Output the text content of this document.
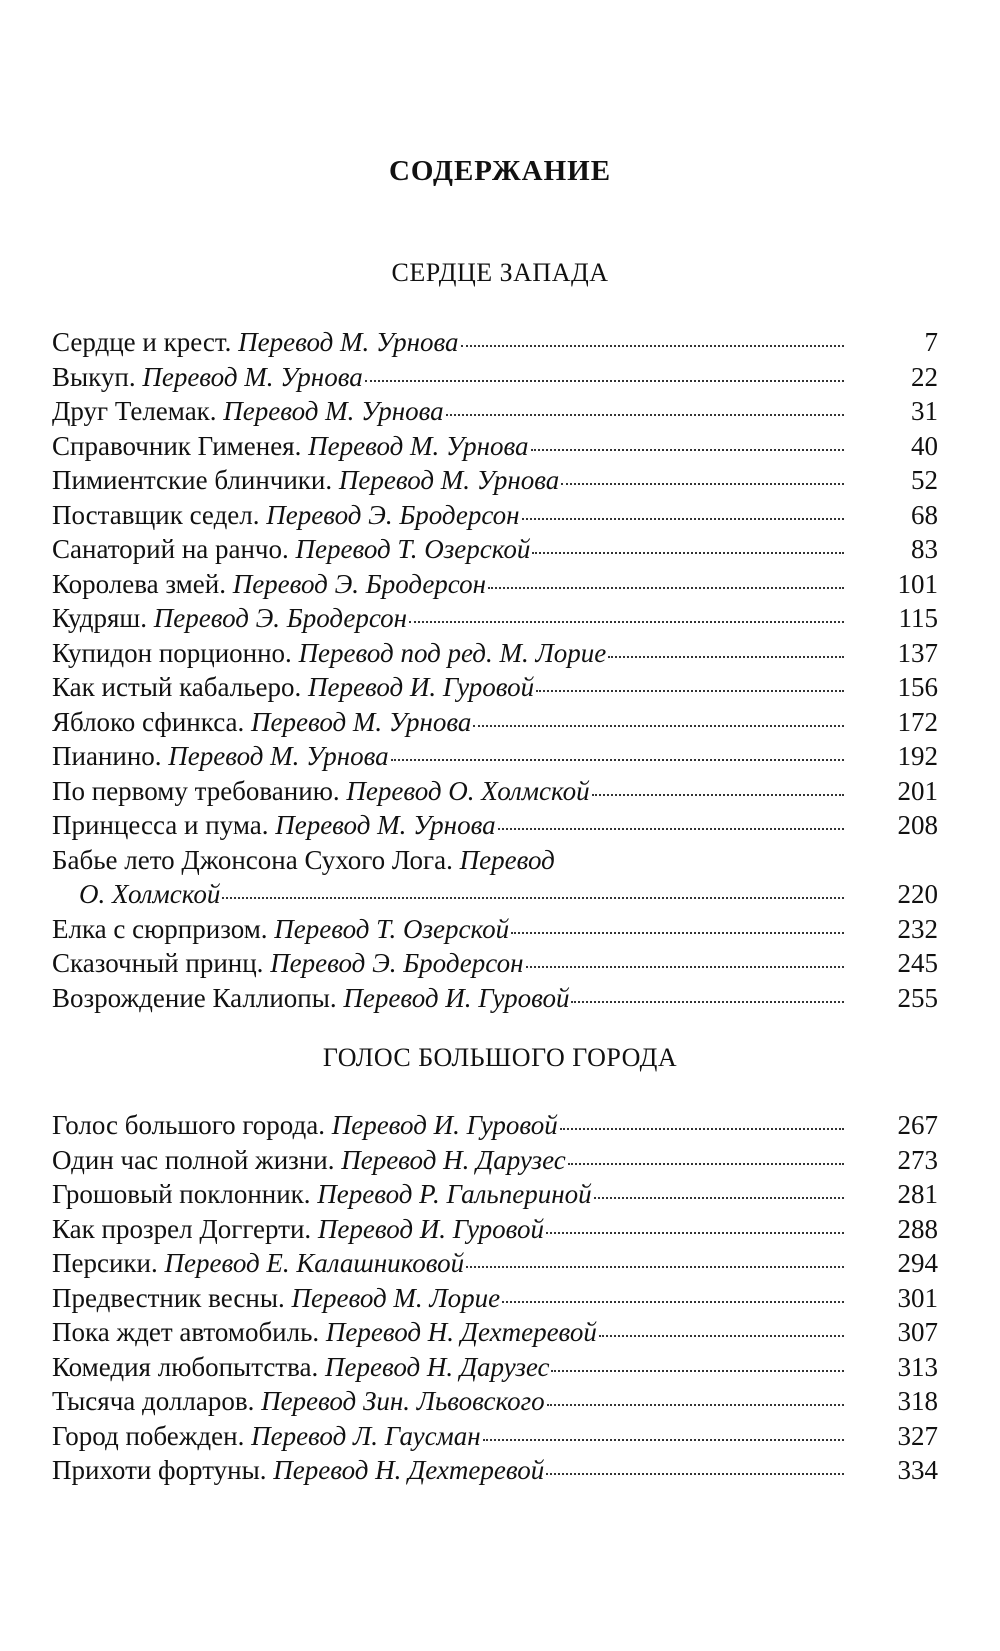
СОДЕРЖАНИЕ
СЕРДЦЕ ЗАПАДА
Сердце и крест. Перевод М. Урнова	7
Выкуп. Перевод М. Урнова	22
Друг Телемак. Перевод М. Урнова	31
Справочник Гименея. Перевод М. Урнова	40
Пимиентские блинчики. Перевод М. Урнова	52
Поставщик седел. Перевод Э. Бродерсон	68
Санаторий на ранчо. Перевод Т. Озерской	83
Королева змей. Перевод Э. Бродерсон	101
Кудряш. Перевод Э. Бродерсон	115
Купидон порционно. Перевод под ред. М. Лорие	137
Как истый кабальеро. Перевод И. Гуровой	156
Яблоко сфинкса. Перевод М. Урнова	172
Пианино. Перевод М. Урнова	192
По первому требованию. Перевод О. Холмской	201
Принцесса и пума. Перевод М. Урнова	208
Бабье лето Джонсона Сухого Лога. Перевод
О. Холмской	220
Елка с сюрпризом. Перевод Т. Озерской	232
Сказочный принц. Перевод Э. Бродерсон	245
Возрождение Каллиопы. Перевод И. Гуровой	255
ГОЛОС БОЛЬШОГО ГОРОДА
Голос большого города. Перевод И. Гуровой	267
Один час полной жизни. Перевод Н. Дарузес	273
Грошовый поклонник. Перевод Р. Гальпериной	281
Как прозрел Доггерти. Перевод И. Гуровой	288
Персики. Перевод Е. Калашниковой	294
Предвестник весны. Перевод М. Лорие	301
Пока ждет автомобиль. Перевод Н. Дехтеревой	307
Комедия любопытства. Перевод Н. Дарузес	313
Тысяча долларов. Перевод Зин. Львовского	318
Город побежден. Перевод Л. Гаусман	327
Прихоти фортуны. Перевод Н. Дехтеревой	334
